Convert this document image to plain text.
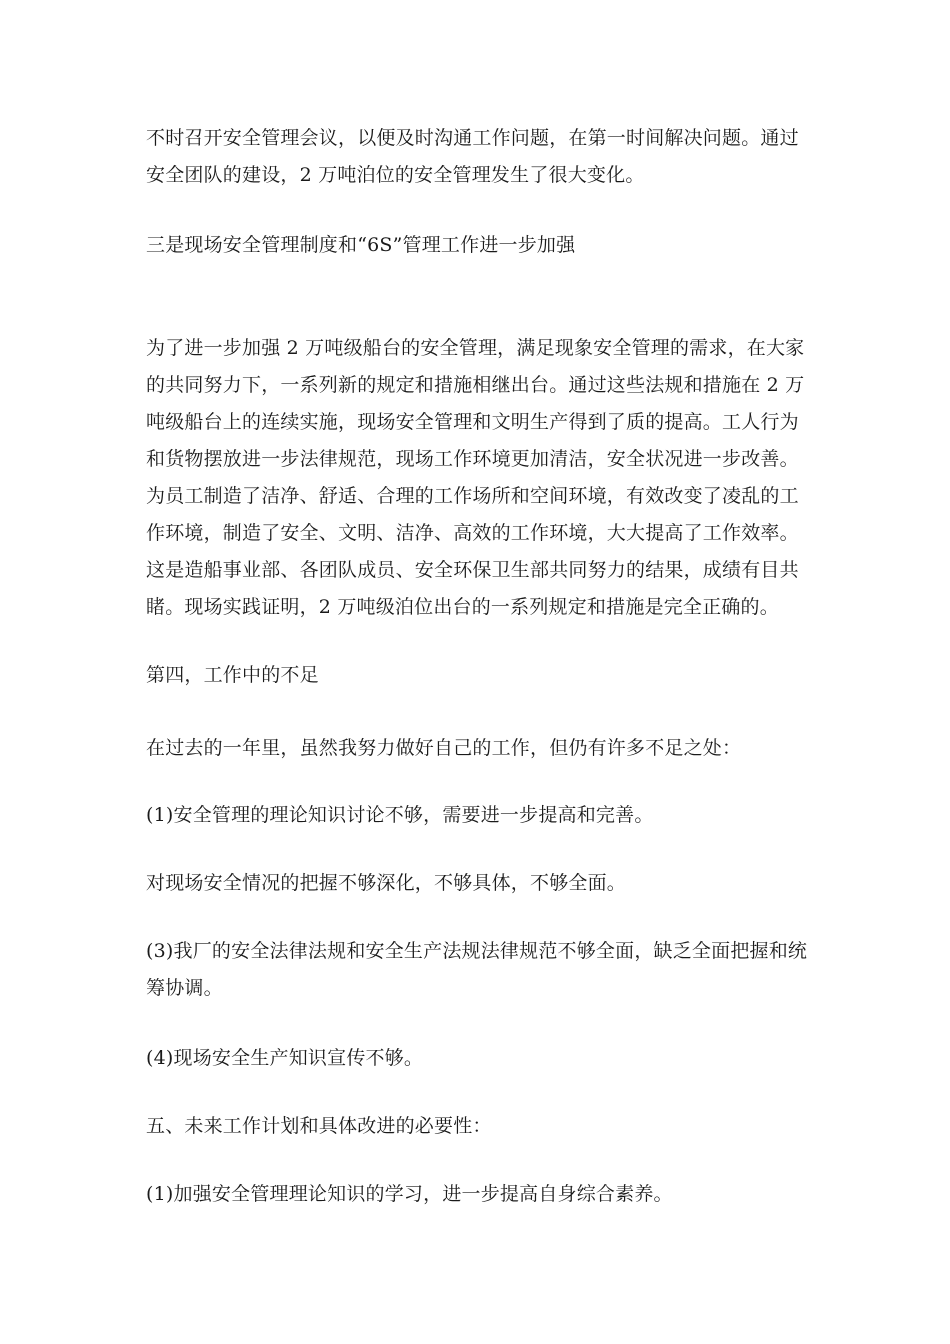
不时召开安全管理会议，以便及时沟通工作问题，在第一时间解决问题。通过
安全团队的建设，2 万吨泊位的安全管理发生了很大变化。

三是现场安全管理制度和“6S”管理工作进一步加强

为了进一步加强 2 万吨级船台的安全管理，满足现象安全管理的需求，在大家
的共同努力下，一系列新的规定和措施相继出台。通过这些法规和措施在 2 万
吨级船台上的连续实施，现场安全管理和文明生产得到了质的提高。工人行为
和货物摆放进一步法律规范，现场工作环境更加清洁，安全状况进一步改善。
为员工制造了洁净、舒适、合理的工作场所和空间环境，有效改变了凌乱的工
作环境，制造了安全、文明、洁净、高效的工作环境，大大提高了工作效率。
这是造船事业部、各团队成员、安全环保卫生部共同努力的结果，成绩有目共
睹。现场实践证明，2 万吨级泊位出台的一系列规定和措施是完全正确的。

第四，工作中的不足

在过去的一年里，虽然我努力做好自己的工作，但仍有许多不足之处：

(1)安全管理的理论知识讨论不够，需要进一步提高和完善。

对现场安全情况的把握不够深化，不够具体，不够全面。

(3)我厂的安全法律法规和安全生产法规法律规范不够全面，缺乏全面把握和统
筹协调。

(4)现场安全生产知识宣传不够。

五、未来工作计划和具体改进的必要性：

(1)加强安全管理理论知识的学习，进一步提高自身综合素养。
